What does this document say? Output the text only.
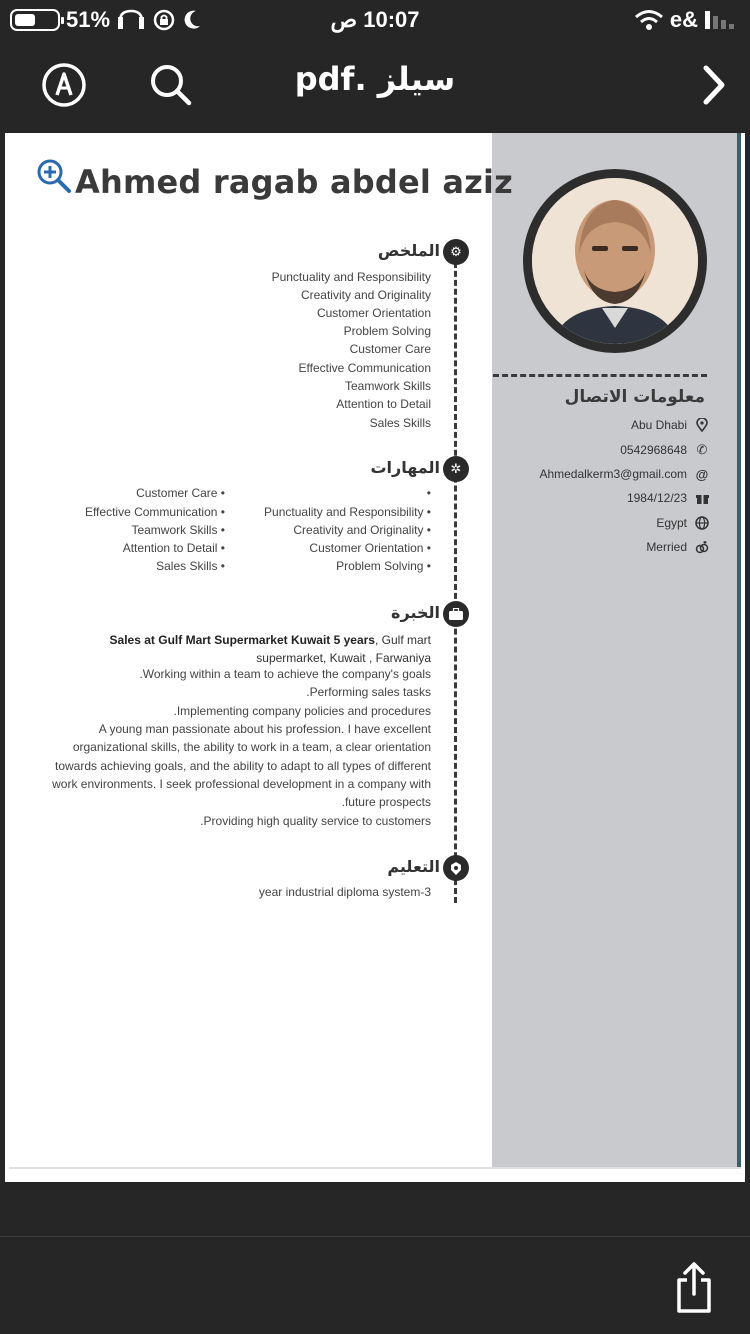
51%	10:07 ص	e&
سيلز .pdf
Ahmed ragab abdel aziz
معلومات الاتصال
Abu Dhabi
0542968648 ✆
Ahmedalkerm3@gmail.com @
1984/12/23
Egypt
Merried
⚙
الملخص
Punctuality and Responsibility
Creativity and Originality
Customer Orientation
Problem Solving
Customer Care
Effective Communication
Teamwork Skills
Attention to Detail
Sales Skills
✲
المهارات
•
Punctuality and Responsibility •
Creativity and Originality •
Customer Orientation •
Problem Solving •
Customer Care •
Effective Communication •
Teamwork Skills •
Attention to Detail •
Sales Skills •
الخبرة
Sales at Gulf Mart Supermarket Kuwait 5 years, Gulf mart supermarket, Kuwait , Farwaniya
.Working within a team to achieve the company's goals
.Performing sales tasks
.Implementing company policies and procedures
A young man passionate about his profession. I have excellent
organizational skills, the ability to work in a team, a clear orientation
towards achieving goals, and the ability to adapt to all types of different
work environments. I seek professional development in a company with
.future prospects
.Providing high quality service to customers
التعليم
year industrial diploma system-3
